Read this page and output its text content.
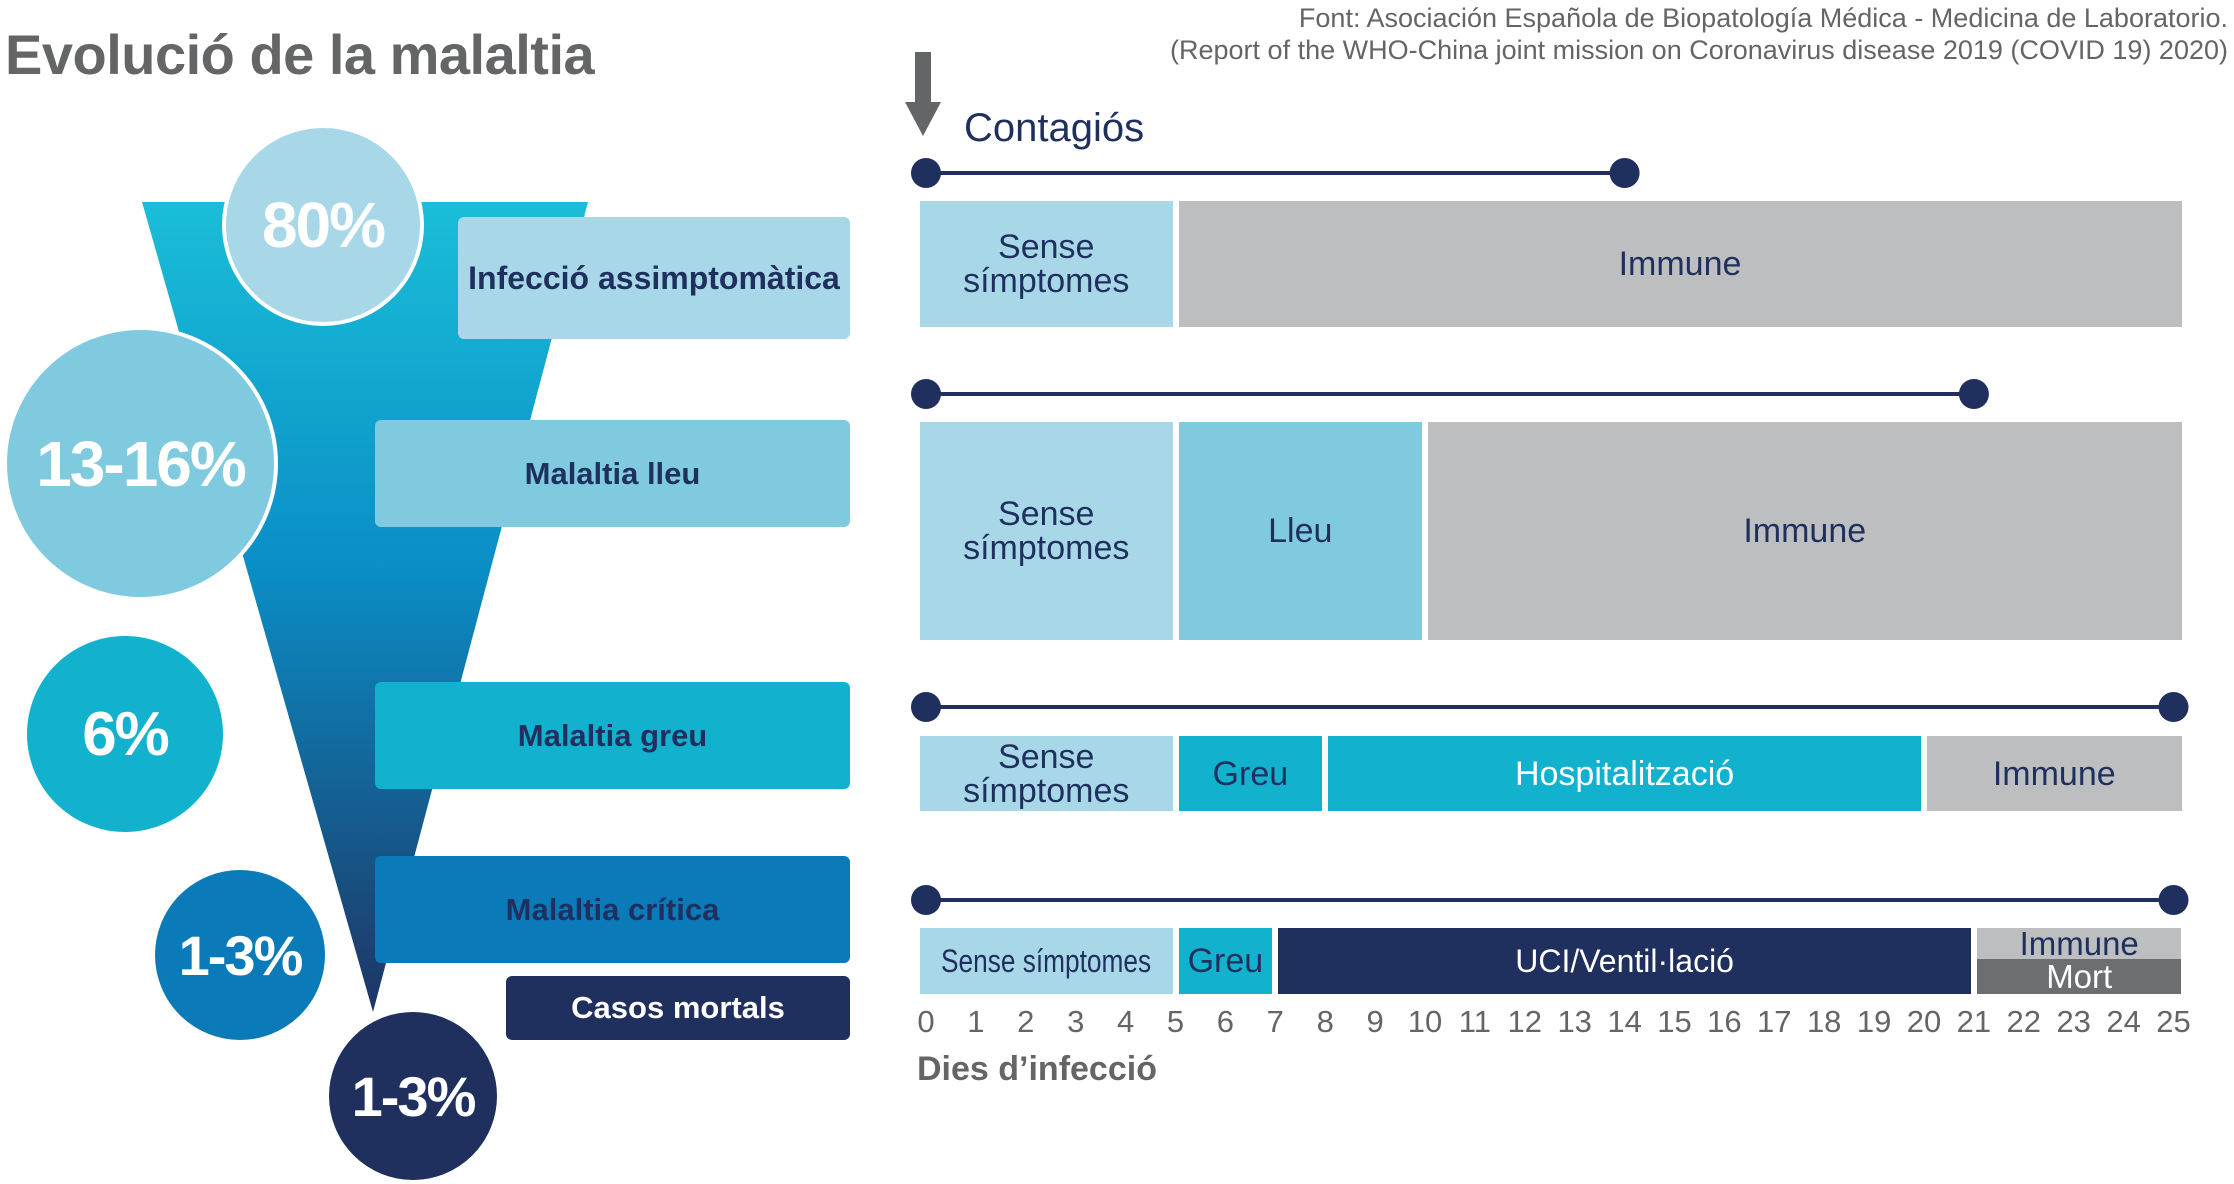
Evolució de la malaltia
Font: Asociación Española de Biopatología Médica - Medicina de Laboratorio.
(Report of the WHO-China joint mission on Coronavirus disease 2019 (COVID 19) 2020)
Infecció assimptomàtica
Malaltia lleu
Malaltia greu
Malaltia crítica
Casos mortals
80%
13-16%
6%
1-3%
1-3%
Contagiós
Sense
símptomes	Immune
Sense
símptomes	Lleu	Immune
Sense
símptomes Greu	Hospitalització	Immune
Sense símptomes Greu	UCI/Ventil·lació	Immune
Mort
0 1 2 3 4 5 6 7 8 9 10 11 12 13 14 15 16 17 18 19 20 21 22 23 24 25
Dies d’infecció
